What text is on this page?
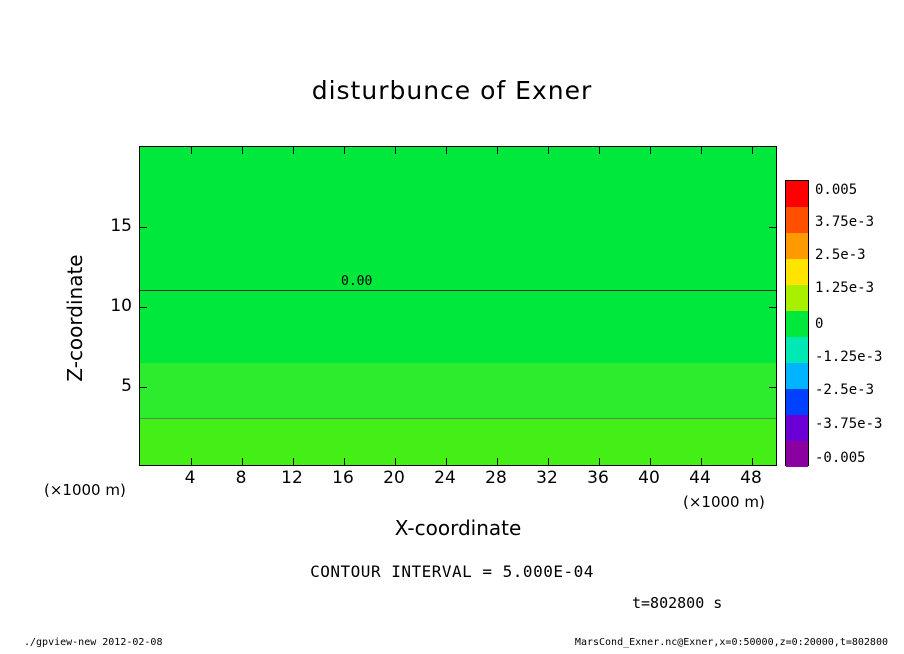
disturbunce of Exner
0.00
4 8 12 16 20 24 28 32 36 40 44 48
5
10
15
Z-coordinate
X-coordinate
(×1000 m)
(×1000 m)
CONTOUR INTERVAL = 5.000E-04
t=802800 s
./gpview-new 2012-02-08	MarsCond_Exner.nc@Exner,x=0:50000,z=0:20000,t=802800
0.005
3.75e-3
2.5e-3
1.25e-3
0
-1.25e-3
-2.5e-3
-3.75e-3
-0.005
